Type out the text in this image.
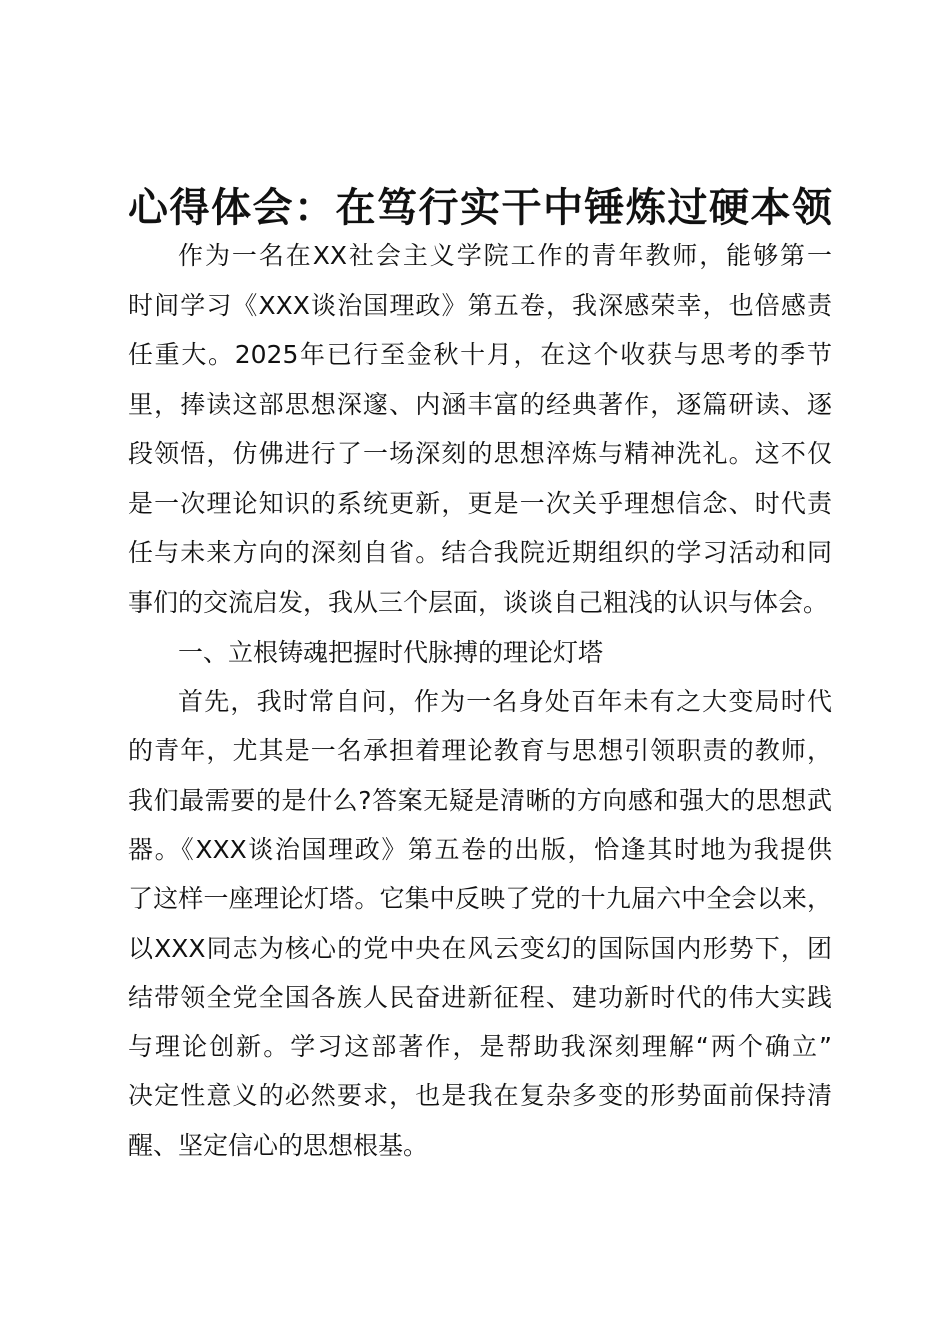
心得体会：在笃行实干中锤炼过硬本领
作为一名在XX社会主义学院工作的青年教师，能够第一
时间学习《XXX谈治国理政》第五卷，我深感荣幸，也倍感责
任重大。2025年已行至金秋十月，在这个收获与思考的季节
里，捧读这部思想深邃、内涵丰富的经典著作，逐篇研读、逐
段领悟，仿佛进行了一场深刻的思想淬炼与精神洗礼。这不仅
是一次理论知识的系统更新，更是一次关乎理想信念、时代责
任与未来方向的深刻自省。结合我院近期组织的学习活动和同
事们的交流启发，我从三个层面，谈谈自己粗浅的认识与体会。
一、立根铸魂把握时代脉搏的理论灯塔
首先，我时常自问，作为一名身处百年未有之大变局时代
的青年，尤其是一名承担着理论教育与思想引领职责的教师，
我们最需要的是什么?答案无疑是清晰的方向感和强大的思想武
器。《XXX谈治国理政》第五卷的出版，恰逢其时地为我提供
了这样一座理论灯塔。它集中反映了党的十九届六中全会以来，
以XXX同志为核心的党中央在风云变幻的国际国内形势下，团
结带领全党全国各族人民奋进新征程、建功新时代的伟大实践
与理论创新。学习这部著作，是帮助我深刻理解“两个确立”
决定性意义的必然要求，也是我在复杂多变的形势面前保持清
醒、坚定信心的思想根基。
